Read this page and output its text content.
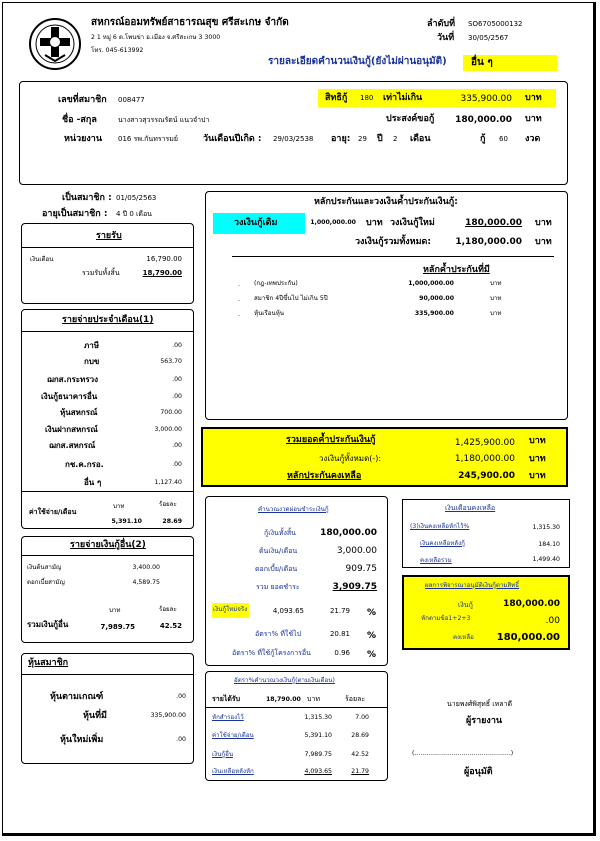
สหกรณ์ออมทรัพย์สาธารณสุข ศรีสะเกษ จำกัด
2 1 หมู่ 6 ต.โพนข่า อ.เมือง จ.ศรีสะเกษ 3 3000
โทร. 045-613992
ลำดับที่ SO6705000132
วันที่ 30/05/2567
รายละเอียดคำนวนเงินกู้(ยังไม่ผ่านอนุมัติ)	อื่น ๆ
เลขที่สมาชิก 008477
ชื่อ -สกุล	นางสาวสุวรรณรัตน์ แนวจำปา
หน่วยงาน 016 รพ.กันทรารมย์	วันเดือนปีเกิด : 29/03/2538 อายุ: 29 ปี 2 เดือน	กู้ 60 งวด
สิทธิกู้ 180 เท่าไม่เกิน	335,900.00 บาท
ประสงค์ขอกู้	180,000.00 บาท
เป็นสมาชิก : 01/05/2563
อายุเป็นสมาชิก : 4 ปี 0 เดือน
รายรับ
เงินเดือน	16,790.00
รวมรับทั้งสิ้น	18,790.00
รายจ่ายประจำเดือน(1)
ภาษี	.00
กบข	563.70
ฌกส.กระทรวง	.00
เงินกู้ธนาคารอื่น	.00
หุ้นสหกรณ์	700.00
เงินฝากสหกรณ์	3,000.00
ฌกส.สหกรณ์	.00
กช.ค.กรอ.	.00
อื่น ๆ	1,127.40
ค่าใช้จ่าย/เดือน
บาท	ร้อยละ
5,391.10	28.69
รายจ่ายเงินกู้อื่น(2)
เงินต้นสามัญ	3,400.00
ดอกเบี้ยสามัญ	4,589.75
บาท	ร้อยละ
รวมเงินกู้อื่น	7,989.75	42.52
หุ้นสมาชิก
หุ้นตามเกณฑ์	.00
หุ้นที่มี	335,900.00
หุ้นใหม่เพิ่ม	.00
หลักประกันและวงเงินค้ำประกันเงินกู้:
วงเงินกู้เดิม	1,000,000.00 บาท วงเงินกู้ใหม่	180,000.00 บาท
วงเงินกู้รวมทั้งหมด:	1,180,000.00 บาท
หลักค้ำประกันที่มี
. (กฎ-เทพประกัน)	1,000,000.00	บาท
. สมาชิก 4ปีขึ้นไป ไม่เกิน 5ปี	90,000.00	บาท
. หุ้นเรือนหุ้น	335,900.00	บาท
รวมยอดค้ำประกันเงินกู้	1,425,900.00 บาท
วงเงินกู้ทั้งหมด(-):	1,180,000.00 บาท
หลักประกันคงเหลือ	245,900.00 บาท
คำนวณงวดผ่อนชำระเงินกู้
กู้เงินทั้งสิ้น	180,000.00
ต้นเงิน/เดือน	3,000.00
ดอกเบี้ย/เดือน	909.75
รวม ยอดชำระ	3,909.75
เงินกู้ใหม่จริง	4,093.65	21.79 %
อัตรา% ที่ใช้ไป	20.81 %
อัตรา% ที่ใช้กู้โครงการอื่น	0.96 %
เงินเดือนคงเหลือ
(3)เงินคงเหลือหักไว้%	1,315.30
เงินคงเหลือหลังกู้	184.10
คงเหลือรวม	1,499.40
ผลการพิจารณาอนุมัติเงินกู้ตามสิทธิ์
เงินกู้	180,000.00
หักตามข้อ1+2+3	.00
คงเหลือ	180,000.00
อัตรา%คำนวณวงเงินกู้(ตามเงินเดือน)
รายได้รับ	18,790.00 บาท	ร้อยละ
หักสำรองไว้	1,315.30	7.00
ค่าใช้จ่าย/เดือน	5,391.10	28.69
เงินกู้อื่น	7,989.75	42.52
เงินเหลือหลังหัก	4,093.65	21.79
นายพงศ์พิสุทธิ์ เหลาดี
ผู้รายงาน
(.................................................)
ผู้อนุมัติ
